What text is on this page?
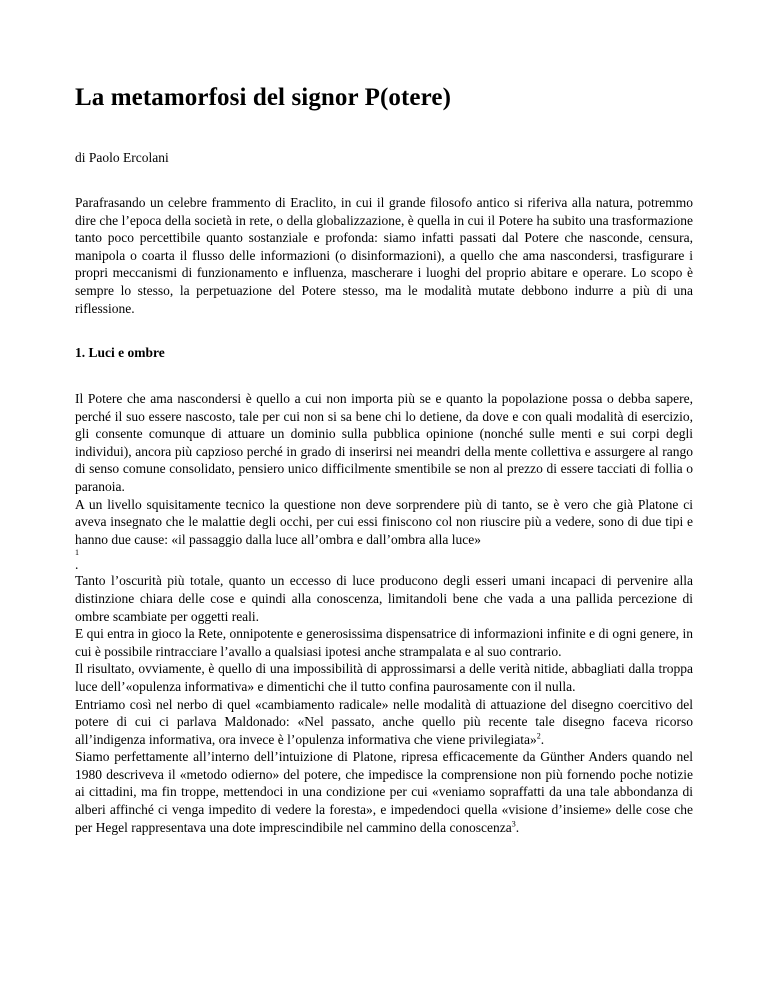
La metamorfosi del signor P(otere)
di Paolo Ercolani

Parafrasando un celebre frammento di Eraclito, in cui il grande filosofo antico si riferiva alla natura, potremmo dire che l’epoca della società in rete, o della globalizzazione, è quella in cui il Potere ha subito una trasformazione tanto poco percettibile quanto sostanziale e profonda: siamo infatti passati dal Potere che nasconde, censura, manipola o coarta il flusso delle informazioni (o disinformazioni), a quello che ama nascondersi, trasfigurare i propri meccanismi di funzionamento e influenza, mascherare i luoghi del proprio abitare e operare. Lo scopo è sempre lo stesso, la perpetuazione del Potere stesso, ma le modalità mutate debbono indurre a più di una riflessione.

1. Luci e ombre

Il Potere che ama nascondersi è quello a cui non importa più se e quanto la popolazione possa o debba sapere, perché il suo essere nascosto, tale per cui non si sa bene chi lo detiene, da dove e con quali modalità di esercizio, gli consente comunque di attuare un dominio sulla pubblica opinione (nonché sulle menti e sui corpi degli individui), ancora più capzioso perché in grado di inserirsi nei meandri della mente collettiva e assurgere al rango di senso comune consolidato, pensiero unico difficilmente smentibile se non al prezzo di essere tacciati di follia o paranoia.

A un livello squisitamente tecnico la questione non deve sorprendere più di tanto, se è vero che già Platone ci aveva insegnato che le malattie degli occhi, per cui essi finiscono col non riuscire più a vedere, sono di due tipi e hanno due cause: «il passaggio dalla luce all’ombra e dall’ombra alla luce»

1

.

Tanto l’oscurità più totale, quanto un eccesso di luce producono degli esseri umani incapaci di pervenire alla distinzione chiara delle cose e quindi alla conoscenza, limitandoli bene che vada a una pallida percezione di ombre scambiate per oggetti reali.

E qui entra in gioco la Rete, onnipotente e generosissima dispensatrice di informazioni infinite e di ogni genere, in cui è possibile rintracciare l’avallo a qualsiasi ipotesi anche strampalata e al suo contrario.

Il risultato, ovviamente, è quello di una impossibilità di approssimarsi a delle verità nitide, abbagliati dalla troppa luce dell’«opulenza informativa» e dimentichi che il tutto confina paurosamente con il nulla.

Entriamo così nel nerbo di quel «cambiamento radicale» nelle modalità di attuazione del disegno coercitivo del potere di cui ci parlava Maldonado: «Nel passato, anche quello più recente tale disegno faceva ricorso all’indigenza informativa, ora invece è l’opulenza informativa che viene privilegiata»$^2$.

Siamo perfettamente all’interno dell’intuizione di Platone, ripresa efficacemente da Günther Anders quando nel 1980 descriveva il «metodo odierno» del potere, che impedisce la comprensione non più fornendo poche notizie ai cittadini, ma fin troppe, mettendoci in una condizione per cui «veniamo sopraffatti da una tale abbondanza di alberi affinché ci venga impedito di vedere la foresta», e impedendoci quella «visione d’insieme» delle cose che per Hegel rappresentava una dote imprescindibile nel cammino della conoscenza$^3$.
